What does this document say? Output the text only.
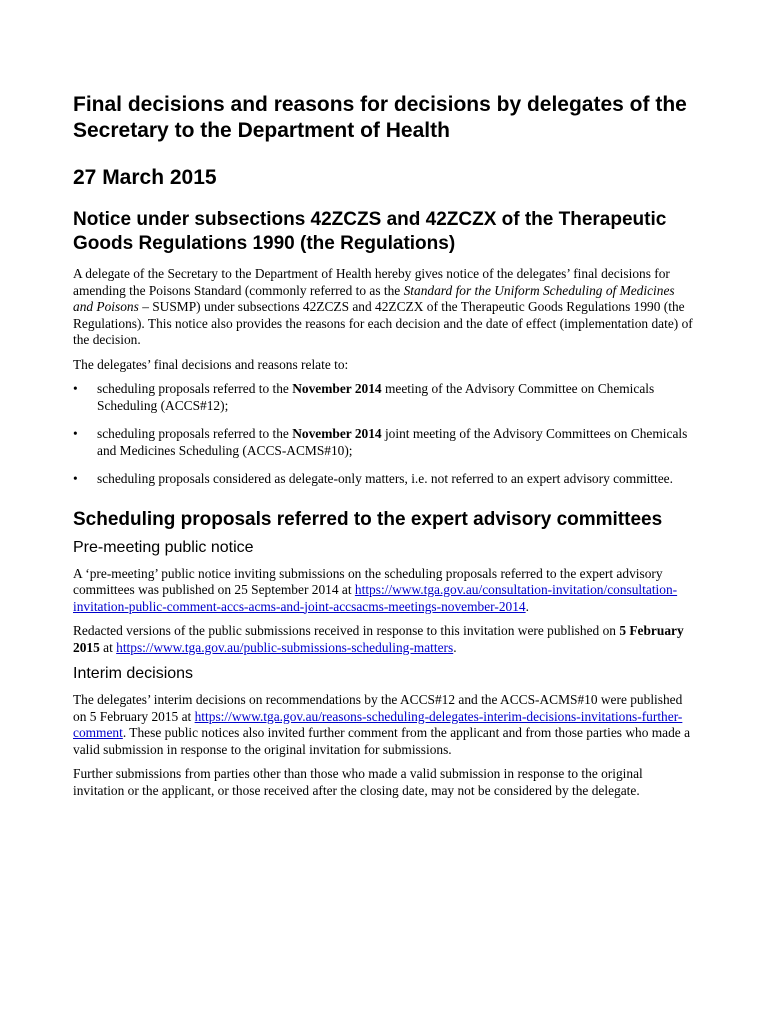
Final decisions and reasons for decisions by delegates of the Secretary to the Department of Health
27 March 2015
Notice under subsections 42ZCZS and 42ZCZX of the Therapeutic Goods Regulations 1990 (the Regulations)

A delegate of the Secretary to the Department of Health hereby gives notice of the delegates’ final decisions for amending the Poisons Standard (commonly referred to as the Standard for the Uniform Scheduling of Medicines and Poisons – SUSMP) under subsections 42ZCZS and 42ZCZX of the Therapeutic Goods Regulations 1990 (the Regulations). This notice also provides the reasons for each decision and the date of effect (implementation date) of the decision.

The delegates’ final decisions and reasons relate to:

• scheduling proposals referred to the November 2014 meeting of the Advisory Committee on Chemicals Scheduling (ACCS#12);
• scheduling proposals referred to the November 2014 joint meeting of the Advisory Committees on Chemicals and Medicines Scheduling (ACCS-ACMS#10);
• scheduling proposals considered as delegate-only matters, i.e. not referred to an expert advisory committee.
Scheduling proposals referred to the expert advisory committees
Pre-meeting public notice

A ‘pre-meeting’ public notice inviting submissions on the scheduling proposals referred to the expert advisory committees was published on 25 September 2014 at https://www.tga.gov.au/consultation-invitation/consultation-invitation-public-comment-accs-acms-and-joint-accsacms-meetings-november-2014.

Redacted versions of the public submissions received in response to this invitation were published on 5 February 2015 at https://www.tga.gov.au/public-submissions-scheduling-matters.

Interim decisions

The delegates’ interim decisions on recommendations by the ACCS#12 and the ACCS-ACMS#10 were published on 5 February 2015 at https://www.tga.gov.au/reasons-scheduling-delegates-interim-decisions-invitations-further-comment. These public notices also invited further comment from the applicant and from those parties who made a valid submission in response to the original invitation for submissions.

Further submissions from parties other than those who made a valid submission in response to the original invitation or the applicant, or those received after the closing date, may not be considered by the delegate.
